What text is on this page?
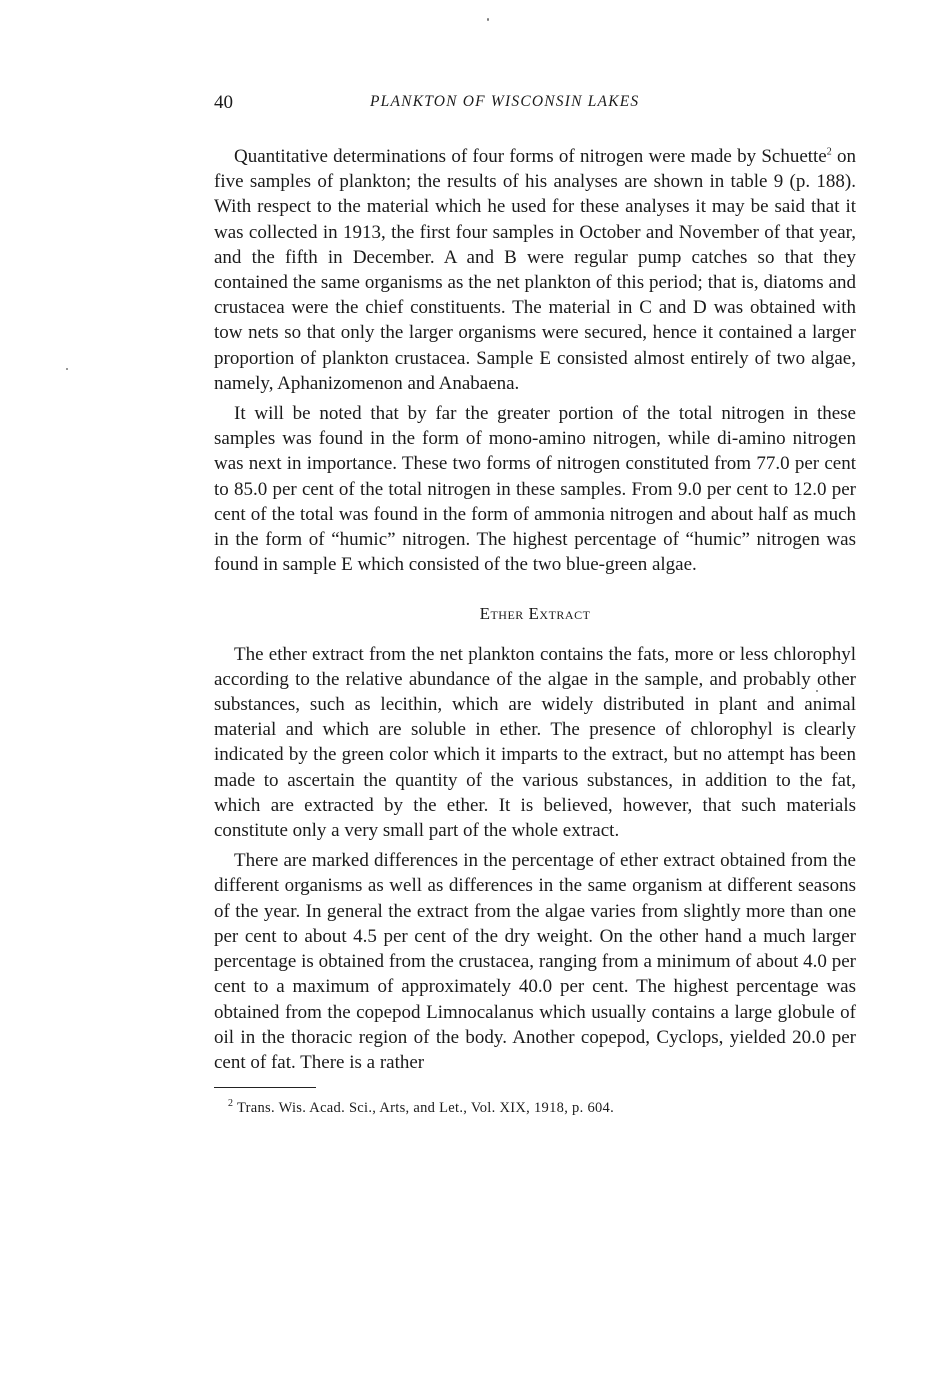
40	PLANKTON OF WISCONSIN LAKES

Quantitative determinations of four forms of nitrogen were made by Schuette$^2$ on five samples of plankton; the results of his analyses are shown in table 9 (p. 188). With respect to the material which he used for these analyses it may be said that it was collected in 1913, the first four samples in October and November of that year, and the fifth in December. A and B were regular pump catches so that they contained the same organisms as the net plankton of this period; that is, diatoms and crustacea were the chief constituents. The material in C and D was obtained with tow nets so that only the larger organisms were secured, hence it contained a larger proportion of plankton crustacea. Sample E consisted almost entirely of two algae, namely, Aphanizomenon and Anabaena.

It will be noted that by far the greater portion of the total nitrogen in these samples was found in the form of mono-amino nitrogen, while di-amino nitrogen was next in importance. These two forms of nitrogen constituted from 77.0 per cent to 85.0 per cent of the total nitrogen in these samples. From 9.0 per cent to 12.0 per cent of the total was found in the form of ammonia nitrogen and about half as much in the form of “humic” nitrogen. The highest percentage of “humic” nitrogen was found in sample E which consisted of the two blue-green algae.

Ether Extract

The ether extract from the net plankton contains the fats, more or less chlorophyl according to the relative abundance of the algae in the sample, and probably other substances, such as lecithin, which are widely distributed in plant and animal material and which are soluble in ether. The presence of chlorophyl is clearly indicated by the green color which it imparts to the extract, but no attempt has been made to ascertain the quantity of the various substances, in addition to the fat, which are extracted by the ether. It is believed, however, that such materials constitute only a very small part of the whole extract.

There are marked differences in the percentage of ether extract obtained from the different organisms as well as differences in the same organism at different seasons of the year. In general the extract from the algae varies from slightly more than one per cent to about 4.5 per cent of the dry weight. On the other hand a much larger percentage is obtained from the crustacea, ranging from a minimum of about 4.0 per cent to a maximum of approximately 40.0 per cent. The highest percentage was obtained from the copepod Limnocalanus which usually contains a large globule of oil in the thoracic region of the body. Another copepod, Cyclops, yielded 20.0 per cent of fat. There is a rather

$^2$ Trans. Wis. Acad. Sci., Arts, and Let., Vol. XIX, 1918, p. 604.
